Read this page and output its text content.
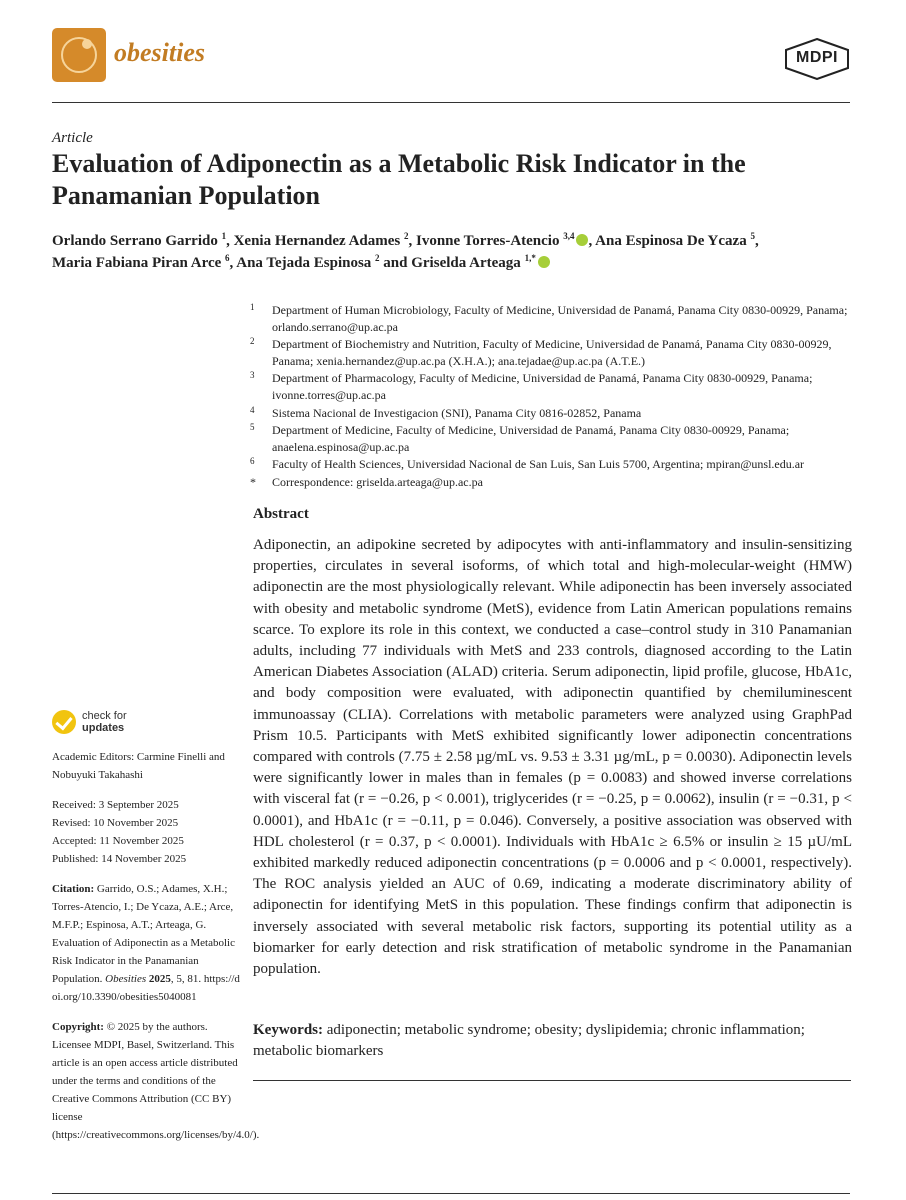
obesities	MDPI
Article
Evaluation of Adiponectin as a Metabolic Risk Indicator in the Panamanian Population
Orlando Serrano Garrido $^1$, Xenia Hernandez Adames $^2$, Ivonne Torres-Atencio $^{3,4}$ , Ana Espinosa De Ycaza $^5$,
Maria Fabiana Piran Arce $^6$, Ana Tejada Espinosa $^2$ and Griselda Arteaga $^{1,*}$
1 Department of Human Microbiology, Faculty of Medicine, Universidad de Panamá, Panama City 0830-00929, Panama; orlando.serrano@up.ac.pa
2 Department of Biochemistry and Nutrition, Faculty of Medicine, Universidad de Panamá, Panama City 0830-00929, Panama; xenia.hernandez@up.ac.pa (X.H.A.); ana.tejadae@up.ac.pa (A.T.E.)
3 Department of Pharmacology, Faculty of Medicine, Universidad de Panamá, Panama City 0830-00929, Panama; ivonne.torres@up.ac.pa
4 Sistema Nacional de Investigacion (SNI), Panama City 0816-02852, Panama
5 Department of Medicine, Faculty of Medicine, Universidad de Panamá, Panama City 0830-00929, Panama; anaelena.espinosa@up.ac.pa
6 Faculty of Health Sciences, Universidad Nacional de San Luis, San Luis 5700, Argentina; mpiran@unsl.edu.ar
* Correspondence: griselda.arteaga@up.ac.pa
check for
updates
Academic Editors: Carmine Finelli and Nobuyuki Takahashi
Received: 3 September 2025
Revised: 10 November 2025
Accepted: 11 November 2025
Published: 14 November 2025
Citation: Garrido, O.S.; Adames, X.H.; Torres-Atencio, I.; De Ycaza, A.E.; Arce, M.F.P.; Espinosa, A.T.; Arteaga, G. Evaluation of Adiponectin as a Metabolic Risk Indicator in the Panamanian Population. Obesities 2025, 5, 81. https://doi.org/10.3390/obesities5040081
Copyright: © 2025 by the authors. Licensee MDPI, Basel, Switzerland. This article is an open access article distributed under the terms and conditions of the Creative Commons Attribution (CC BY) license (https://creativecommons.org/licenses/by/4.0/).
Abstract
Adiponectin, an adipokine secreted by adipocytes with anti-inflammatory and insulin-sensitizing properties, circulates in several isoforms, of which total and high-molecular-weight (HMW) adiponectin are the most physiologically relevant. While adiponectin has been inversely associated with obesity and metabolic syndrome (MetS), evidence from Latin American populations remains scarce. To explore its role in this context, we conducted a case–control study in 310 Panamanian adults, including 77 individuals with MetS and 233 controls, diagnosed according to the Latin American Diabetes Association (ALAD) criteria. Serum adiponectin, lipid profile, glucose, HbA1c, and body composition were evaluated, with adiponectin quantified by chemiluminescent immunoassay (CLIA). Correlations with metabolic parameters were analyzed using GraphPad Prism 10.5. Participants with MetS exhibited significantly lower adiponectin concentrations compared with controls (7.75 ± 2.58 µg/mL vs. 9.53 ± 3.31 µg/mL, p = 0.0030). Adiponectin levels were significantly lower in males than in females (p = 0.0083) and showed inverse correlations with visceral fat (r = −0.26, p < 0.001), triglycerides (r = −0.25, p = 0.0062), insulin (r = −0.31, p < 0.0001), and HbA1c (r = −0.11, p = 0.046). Conversely, a positive association was observed with HDL cholesterol (r = 0.37, p < 0.0001). Individuals with HbA1c ≥ 6.5% or insulin ≥ 15 µU/mL exhibited markedly reduced adiponectin concentrations (p = 0.0006 and p < 0.0001, respectively). The ROC analysis yielded an AUC of 0.69, indicating a moderate discriminatory ability of adiponectin for identifying MetS in this population. These findings confirm that adiponectin is inversely associated with several metabolic risk factors, supporting its potential utility as a biomarker for early detection and risk stratification of metabolic syndrome in the Panamanian population.
Keywords: adiponectin; metabolic syndrome; obesity; dyslipidemia; chronic inflammation; metabolic biomarkers
